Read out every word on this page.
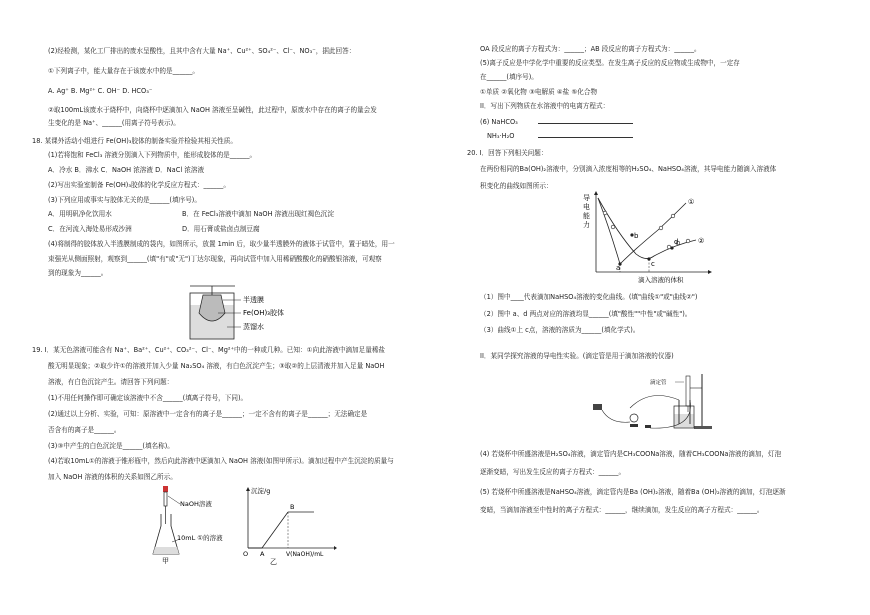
(2)经检测，某化工厂排出的废水呈酸性，且其中含有大量 Na⁺、Cu²⁺、SO₄²⁻、Cl⁻、NO₃⁻，据此回答：
①下列离子中，能大量存在于该废水中的是______。
A. Ag⁺ B. Mg²⁺ C. OH⁻ D. HCO₃⁻
②取100mL该废水于烧杯中，向烧杯中逐滴加入 NaOH 溶液至呈碱性，此过程中，原废水中存在的离子的量会发
生变化的是 Na⁺、______(用离子符号表示)。
18. 某课外活动小组进行 Fe(OH)₃胶体的制备实验并检验其相关性质。
(1)若将饱和 FeCl₃ 溶液分别滴入下列物质中，能形成胶体的是______。
A．冷水 B．沸水 C．NaOH 浓溶液 D．NaCl 浓溶液
(2)写出实验室制备 Fe(OH)₃胶体的化学反应方程式：______。
(3)下列应用或事实与胶体无关的是______(填序号)。
A．用明矾净化饮用水	B．在 FeCl₃溶液中滴加 NaOH 溶液出现红褐色沉淀
C．在河流入海处易形成沙洲	D．用石膏或盐卤点制豆腐
(4)将制得的胶体放入半透膜制成的袋内，如图所示，放置 1min 后，取少量半透膜外的液体于试管中，置于暗处，用一
束强光从侧面照射，观察到______(填"有"或"无")丁达尔现象，再向试管中加入用稀硝酸酸化的硝酸银溶液，可观察
到的现象为______。
半透膜
Fe(OH)₃胶体
蒸馏水
19. I．某无色溶液可能含有 Na⁺、Ba²⁺、Cu²⁺、CO₃²⁻、Cl⁻、Mg²⁺中的一种或几种。已知：①向此溶液中滴加足量稀盐
酸无明显现象；②取少许①的溶液并加入少量 Na₂SO₄ 溶液，有白色沉淀产生；③取②的上层清液并加入足量 NaOH
溶液，有白色沉淀产生。请回答下列问题：
(1)不用任何操作即可确定该溶液中不含______(填离子符号，下同)。
(2)通过以上分析、实验，可知：原溶液中一定含有的离子是______；一定不含有的离子是______；无法确定是
否含有的离子是______。
(3)③中产生的白色沉淀是______(填名称)。
(4)若取10mL①的溶液于锥形瓶中，然后向此溶液中逐滴加入 NaOH 溶液(如图甲所示)。滴加过程中产生沉淀的质量与
加入 NaOH 溶液的体积的关系如图乙所示。
NaOH溶液
10mL ①的溶液
甲
沉淀/g
O A
B
V(NaOH)/mL
乙
OA 段反应的离子方程式为：______；AB 段反应的离子方程式为：______。
(5)离子反应是中学化学中重要的反应类型。在发生离子反应的反应物或生成物中，一定存
在______(填序号)。
①单质 ②氧化物 ③电解质 ④盐 ⑤化合物
II．写出下列物质在水溶液中的电离方程式：
(6) NaHCO₃
NH₃·H₂O
20. I．回答下列相关问题：
在两份相同的Ba(OH)₂溶液中，分别滴入浓度相等的H₂SO₄、NaHSO₄溶液，其导电能力随滴入溶液体
积变化的曲线如图所示：
导
电
能
力
①
②
a
b
c
d
滴入溶液的体积
（1）图中____代表滴加NaHSO₄溶液的变化曲线。(填"曲线①"或"曲线②")
（2）图中 a、d 两点对应的溶液均显______(填"酸性""中性"或"碱性")。
（3）曲线①上 c点，溶液的溶质为______(填化学式)。
II．某同学探究溶液的导电性实验。(滴定管是用于滴加溶液的仪器)
滴定管
(4) 若烧杯中所盛溶液是H₂SO₄溶液，滴定管内是CH₃COONa溶液，随着CH₃COONa溶液的滴加，灯泡
逐渐变暗，写出发生反应的离子方程式：______。
(5) 若烧杯中所盛溶液是NaHSO₄溶液，滴定管内是Ba (OH)₂溶液，随着Ba (OH)₂溶液的滴加，灯泡逐渐
变暗，当滴加溶液至中性时的离子方程式：______，继续滴加，发生反应的离子方程式：______。
